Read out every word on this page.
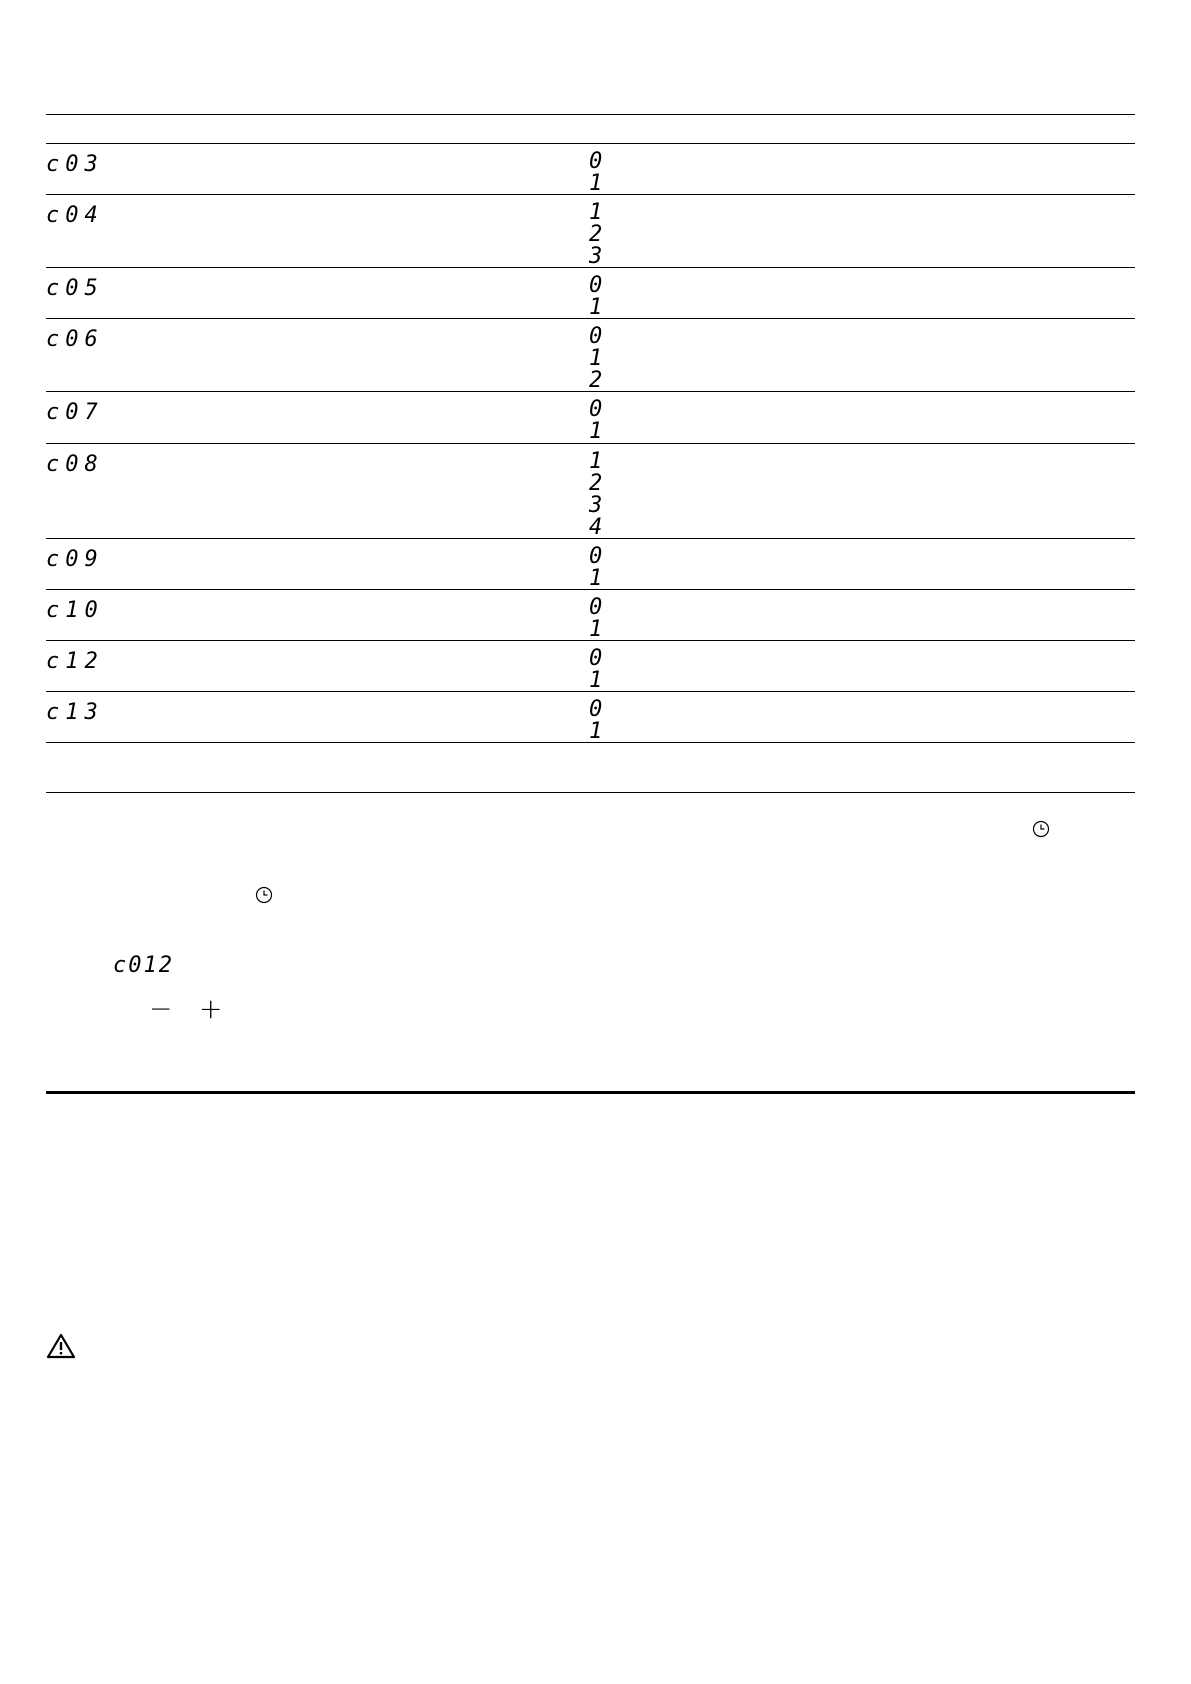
c03	0
1
c04	1
2
3
c05	0
1
c06	0
1
2
c07	0
1
c08	1
2
3
4
c09	0
1
c10	0
1
c12	0
1
c13	0
1
c012
− +
